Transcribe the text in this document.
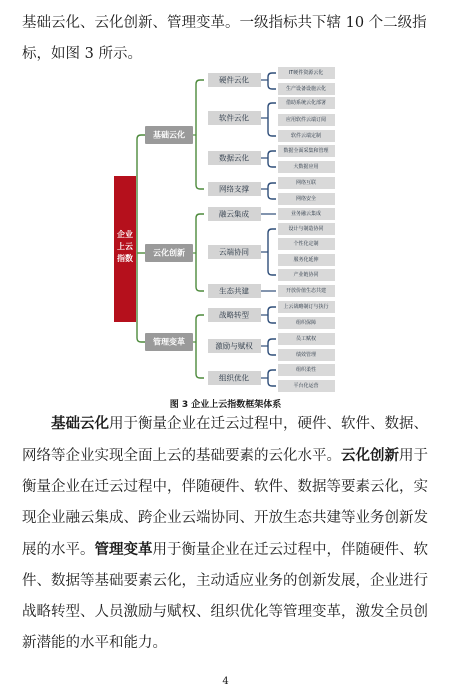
基础云化、云化创新、管理变革。一级指标共下辖 10 个二级指

标，如图 3 所示。

企业上云指数
基础云化
硬件云化
IT硬件资源云化
生产设备设施云化
软件云化
借助系统云化部署
应用软件云端订阅
软件云端定制
数据云化
数据全面采集和管理
大数据应用
网络支撑
网络互联
网络安全
云化创新
融云集成	业务融云集成
云端协同
设计与制造协同
个性化定制
服务化延伸
产业链协同
生态共建	开放价值生态共建
管理变革
战略转型
上云战略制订与执行
组织保障
激励与赋权
员工赋权
绩效管理
组织优化
组织柔性
平台化运营
图 3 企业上云指数框架体系
基础云化用于衡量企业在迁云过程中，硬件、软件、数据、网络等企业实现全面上云的基础要素的云化水平。云化创新用于衡量企业在迁云过程中，伴随硬件、软件、数据等要素云化，实现企业融云集成、跨企业云端协同、开放生态共建等业务创新发展的水平。管理变革用于衡量企业在迁云过程中，伴随硬件、软件、数据等基础要素云化，主动适应业务的创新发展，企业进行战略转型、人员激励与赋权、组织优化等管理变革，激发全员创新潜能的水平和能力。
4
